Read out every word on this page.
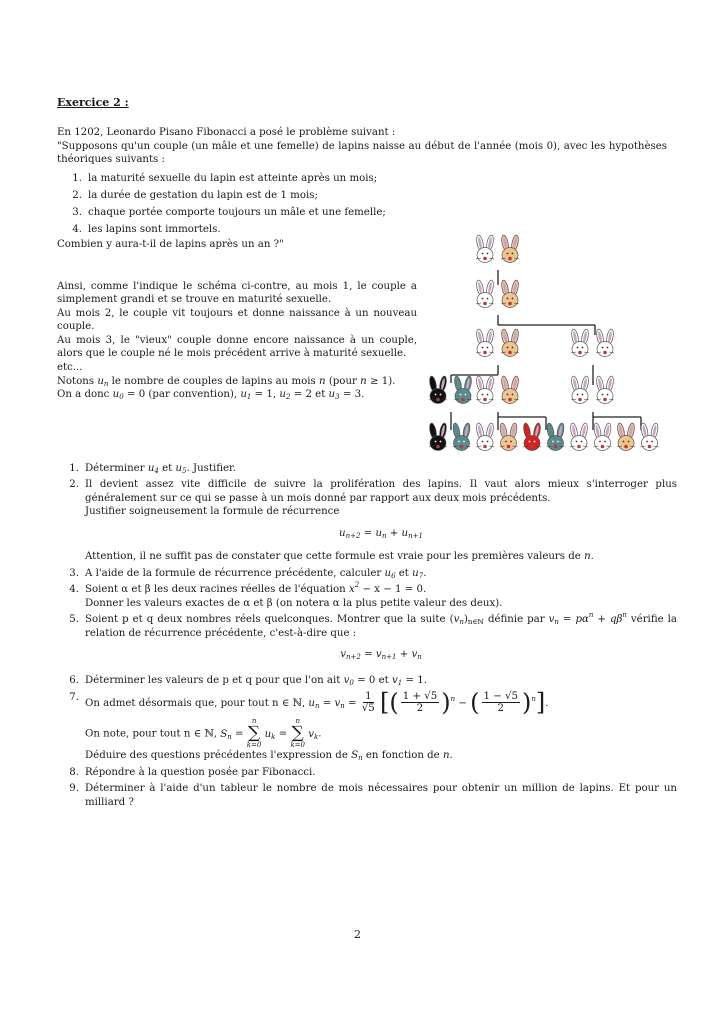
Exercice 2 :
En 1202, Leonardo Pisano Fibonacci a posé le problème suivant :
"Supposons qu'un couple (un mâle et une femelle) de lapins naisse au début de l'année (mois 0), avec les hypothèses théoriques suivants :
1. la maturité sexuelle du lapin est atteinte après un mois;
2. la durée de gestation du lapin est de 1 mois;
3. chaque portée comporte toujours un mâle et une femelle;
4. les lapins sont immortels.
Combien y aura-t-il de lapins après un an ?"
Ainsi, comme l'indique le schéma ci-contre, au mois 1, le couple a simplement grandi et se trouve en maturité sexuelle.
Au mois 2, le couple vit toujours et donne naissance à un nouveau couple.
Au mois 3, le "vieux" couple donne encore naissance à un couple, alors que le couple né le mois précédent arrive à maturité sexuelle.
etc...
Notons $u_n$ le nombre de couples de lapins au mois n (pour n ≥ 1).
On a donc $u_0 = 0$ (par convention), $u_1 = 1$, $u_2 = 2$ et $u_3 = 3$.
1. Déterminer $u_4$ et $u_5$. Justifier.
2. Il devient assez vite difficile de suivre la prolifération des lapins. Il vaut alors mieux s'interroger plus généralement sur ce qui se passe à un mois donné par rapport aux deux mois précédents.
Justifier soigneusement la formule de récurrence
$u_{n+2} = u_n + u_{n+1}$
Attention, il ne suffit pas de constater que cette formule est vraie pour les premières valeurs de n.
3. A l'aide de la formule de récurrence précédente, calculer $u_6$ et $u_7$.
4. Soient α et β les deux racines réelles de l'équation $x^2 - x - 1 = 0$.
Donner les valeurs exactes de α et β (on notera α la plus petite valeur des deux).
5. Soient p et q deux nombres réels quelconques. Montrer que la suite $(v_n)_{n\in ℕ}$ définie par $v_n = p\alpha^n + q\beta^n$ vérifie la relation de récurrence précédente, c'est-à-dire que :
$v_{n+2} = v_{n+1} + v_n$
6. Déterminer les valeurs de p et q pour que l'on ait $v_0 = 0$ et $v_1 = 1$.
7.
On admet désormais que, pour tout n ∈ ℕ, $u_n = v_n = \frac{1}{√5}$ [( $\frac{1 + √5}{2} )^n$ − ( $\frac{1 - √5}{2} )^n$].
On note, pour tout n ∈ ℕ, $S_n$ =
n
∑
k=0
$u_k$ =
n
∑
k=0
$v_k$.
Déduire des questions précédentes l'expression de $S_n$ en fonction de n.
8. Répondre à la question posée par Fibonacci.
9. Déterminer à l'aide d'un tableur le nombre de mois nécessaires pour obtenir un million de lapins. Et pour un milliard ?
2
